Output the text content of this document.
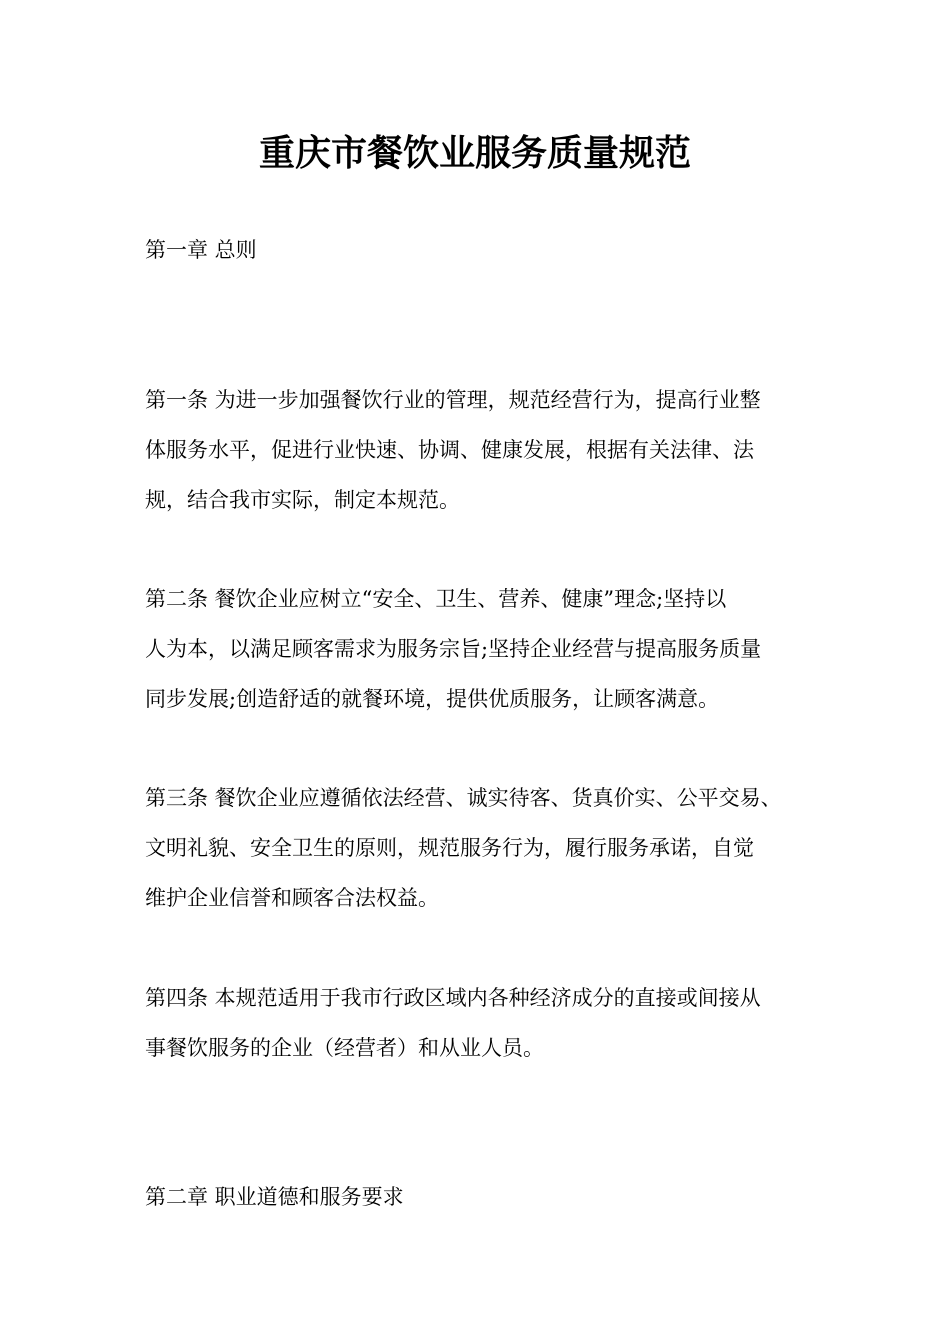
重庆市餐饮业服务质量规范
第一章 总则
第一条 为进一步加强餐饮行业的管理，规范经营行为，提高行业整
体服务水平，促进行业快速、协调、健康发展，根据有关法律、法
规，结合我市实际，制定本规范。
第二条 餐饮企业应树立“安全、卫生、营养、健康”理念;坚持以
人为本，以满足顾客需求为服务宗旨;坚持企业经营与提高服务质量
同步发展;创造舒适的就餐环境，提供优质服务，让顾客满意。
第三条 餐饮企业应遵循依法经营、诚实待客、货真价实、公平交易、
文明礼貌、安全卫生的原则，规范服务行为，履行服务承诺，自觉
维护企业信誉和顾客合法权益。
第四条 本规范适用于我市行政区域内各种经济成分的直接或间接从
事餐饮服务的企业（经营者）和从业人员。
第二章 职业道德和服务要求
